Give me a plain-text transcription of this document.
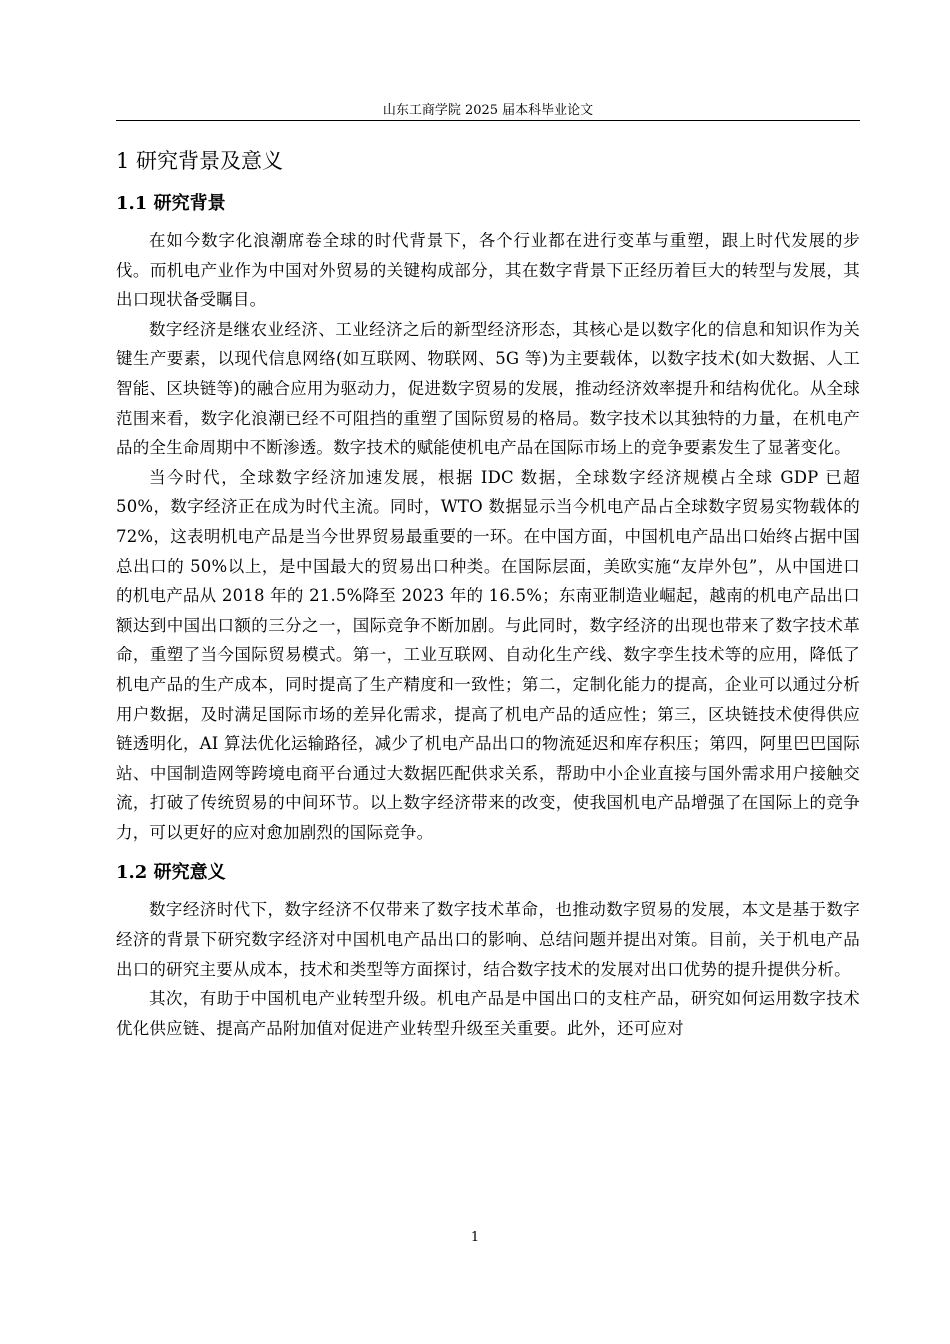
山东工商学院 2025 届本科毕业论文
1 研究背景及意义
1.1 研究背景

在如今数字化浪潮席卷全球的时代背景下，各个行业都在进行变革与重塑，跟上时代发展的步伐。而机电产业作为中国对外贸易的关键构成部分，其在数字背景下正经历着巨大的转型与发展，其出口现状备受瞩目。

数字经济是继农业经济、工业经济之后的新型经济形态，其核心是以数字化的信息和知识作为关键生产要素，以现代信息网络(如互联网、物联网、5G 等)为主要载体，以数字技术(如大数据、人工智能、区块链等)的融合应用为驱动力，促进数字贸易的发展，推动经济效率提升和结构优化。从全球范围来看，数字化浪潮已经不可阻挡的重塑了国际贸易的格局。数字技术以其独特的力量，在机电产品的全生命周期中不断渗透。数字技术的赋能使机电产品在国际市场上的竞争要素发生了显著变化。

当今时代，全球数字经济加速发展，根据 IDC 数据，全球数字经济规模占全球 GDP 已超 50%，数字经济正在成为时代主流。同时，WTO 数据显示当今机电产品占全球数字贸易实物载体的 72%，这表明机电产品是当今世界贸易最重要的一环。在中国方面，中国机电产品出口始终占据中国总出口的 50%以上，是中国最大的贸易出口种类。在国际层面，美欧实施“友岸外包”，从中国进口的机电产品从 2018 年的 21.5%降至 2023 年的 16.5%；东南亚制造业崛起，越南的机电产品出口额达到中国出口额的三分之一，国际竞争不断加剧。与此同时，数字经济的出现也带来了数字技术革命，重塑了当今国际贸易模式。第一，工业互联网、自动化生产线、数字孪生技术等的应用，降低了机电产品的生产成本，同时提高了生产精度和一致性；第二，定制化能力的提高，企业可以通过分析用户数据，及时满足国际市场的差异化需求，提高了机电产品的适应性；第三，区块链技术使得供应链透明化，AI 算法优化运输路径，减少了机电产品出口的物流延迟和库存积压；第四，阿里巴巴国际站、中国制造网等跨境电商平台通过大数据匹配供求关系，帮助中小企业直接与国外需求用户接触交流，打破了传统贸易的中间环节。以上数字经济带来的改变，使我国机电产品增强了在国际上的竞争力，可以更好的应对愈加剧烈的国际竞争。

1.2 研究意义

数字经济时代下，数字经济不仅带来了数字技术革命，也推动数字贸易的发展，本文是基于数字经济的背景下研究数字经济对中国机电产品出口的影响、总结问题并提出对策。目前，关于机电产品出口的研究主要从成本，技术和类型等方面探讨，结合数字技术的发展对出口优势的提升提供分析。

其次，有助于中国机电产业转型升级。机电产品是中国出口的支柱产品，研究如何运用数字技术优化供应链、提高产品附加值对促进产业转型升级至关重要。此外，还可应对

1
